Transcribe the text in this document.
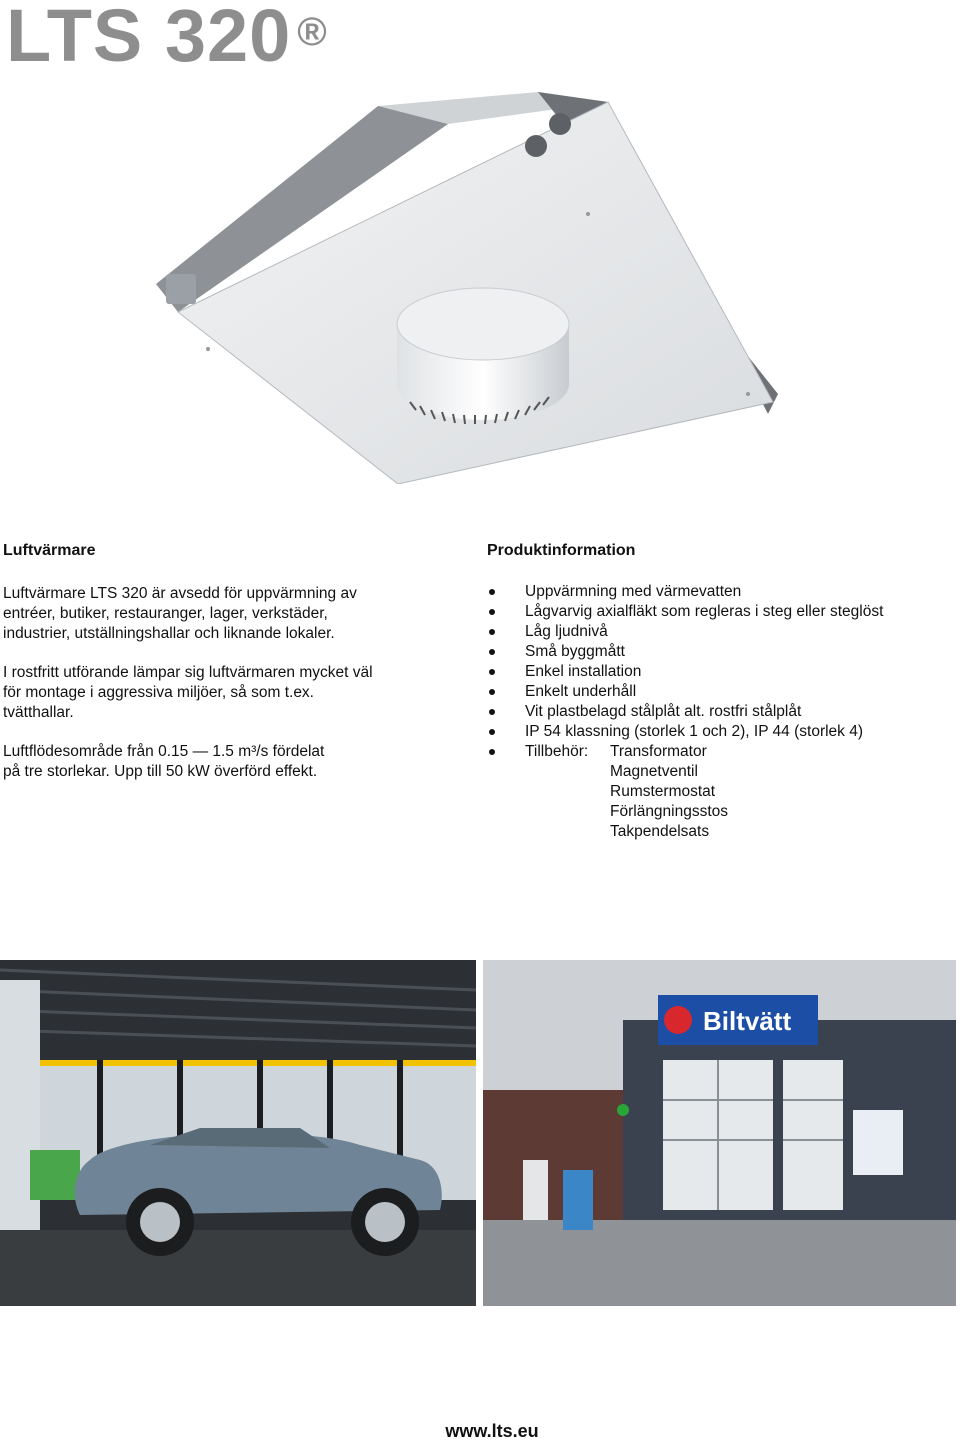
LTS 320 ®
Luftvärmare

Luftvärmare LTS 320 är avsedd för uppvärmning av entréer, butiker, restauranger, lager, verkstäder, industrier, utställningshallar och liknande lokaler.

I rostfritt utförande lämpar sig luftvärmaren mycket väl för montage i aggressiva miljöer, så som t.ex. tvätthallar.

Luftflödesområde från 0.15 — 1.5 m³/s fördelat
på tre storlekar. Upp till 50 kW överförd effekt.

Produktinformation
Uppvärmning med värmevatten
Lågvarvig axialfläkt som regleras i steg eller steglöst
Låg ljudnivå
Små byggmått
Enkel installation
Enkelt underhåll
Vit plastbelagd stålplåt alt. rostfri stålplåt
IP 54 klassning (storlek 1 och 2), IP 44 (storlek 4)
Tillbehör:	Transformator
Magnetventil
Rumstermostat
Förlängningsstos
Takpendelsats
Biltvätt
www.lts.eu
